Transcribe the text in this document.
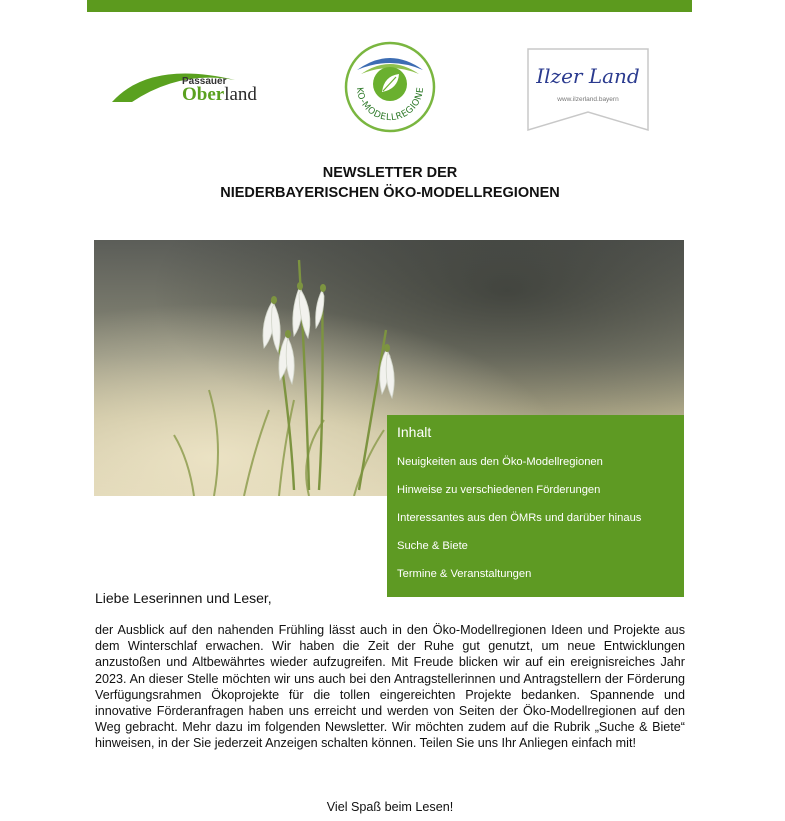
Passauer
Oberland	KO-MODELLREGIONE
Ilzer Land
www.ilzerland.bayern
NEWSLETTER DER
NIEDERBAYERISCHEN ÖKO-MODELLREGIONEN
Inhalt
Neuigkeiten aus den Öko-Modellregionen
Hinweise zu verschiedenen Förderungen
Interessantes aus den ÖMRs und darüber hinaus
Suche & Biete
Termine & Veranstaltungen
Liebe Leserinnen und Leser,
der Ausblick auf den nahenden Frühling lässt auch in den Öko-Modellregionen Ideen und Projekte aus dem Winterschlaf erwachen. Wir haben die Zeit der Ruhe gut genutzt, um neue Entwicklungen anzustoßen und Altbewährtes wieder aufzugreifen. Mit Freude blicken wir auf ein ereignisreiches Jahr 2023. An dieser Stelle möchten wir uns auch bei den Antragstellerinnen und Antragstellern der Förderung Verfügungsrahmen Ökoprojekte für die tollen eingereichten Projekte bedanken. Spannende und innovative Förderanfragen haben uns erreicht und werden von Seiten der Öko-Modellregionen auf den Weg gebracht. Mehr dazu im folgenden Newsletter. Wir möchten zudem auf die Rubrik „Suche & Biete“ hinweisen, in der Sie jederzeit Anzeigen schalten können. Teilen Sie uns Ihr Anliegen einfach mit!
Viel Spaß beim Lesen!
